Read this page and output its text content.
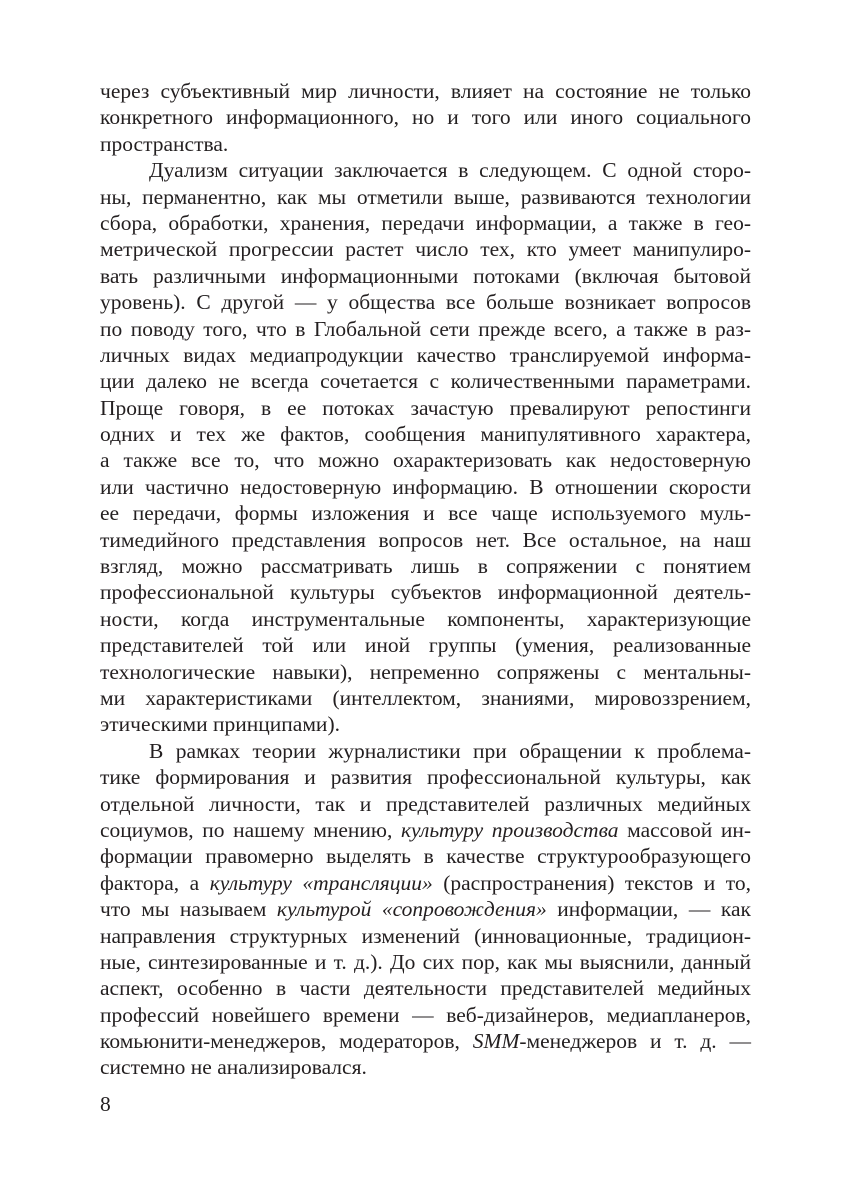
через субъективный мир личности, влияет на состояние не только
конкретного информационного, но и того или иного социального
пространства.
Дуализм ситуации заключается в следующем. С одной сторо-
ны, перманентно, как мы отметили выше, развиваются технологии
сбора, обработки, хранения, передачи информации, а также в гео-
метрической прогрессии растет число тех, кто умеет манипулиро-
вать различными информационными потоками (включая бытовой
уровень). С другой — у общества все больше возникает вопросов
по поводу того, что в Глобальной сети прежде всего, а также в раз-
личных видах медиапродукции качество транслируемой информа-
ции далеко не всегда сочетается с количественными параметрами.
Проще говоря, в ее потоках зачастую превалируют репостинги
одних и тех же фактов, сообщения манипулятивного характера,
а также все то, что можно охарактеризовать как недостоверную
или частично недостоверную информацию. В отношении скорости
ее передачи, формы изложения и все чаще используемого муль-
тимедийного представления вопросов нет. Все остальное, на наш
взгляд, можно рассматривать лишь в сопряжении с понятием
профессиональной культуры субъектов информационной деятель-
ности, когда инструментальные компоненты, характеризующие
представителей той или иной группы (умения, реализованные
технологические навыки), непременно сопряжены с ментальны-
ми характеристиками (интеллектом, знаниями, мировоззрением,
этическими принципами).
В рамках теории журналистики при обращении к проблема-
тике формирования и развития профессиональной культуры, как
отдельной личности, так и представителей различных медийных
социумов, по нашему мнению, культуру производства массовой ин-
формации правомерно выделять в качестве структурообразующего
фактора, а культуру «трансляции» (распространения) текстов и то,
что мы называем культурой «сопровождения» информации, — как
направления структурных изменений (инновационные, традицион-
ные, синтезированные и т. д.). До сих пор, как мы выяснили, данный
аспект, особенно в части деятельности представителей медийных
профессий новейшего времени — веб-дизайнеров, медиапланеров,
комьюнити-менеджеров, модераторов, SMM-менеджеров и т. д. —
системно не анализировался.
8
